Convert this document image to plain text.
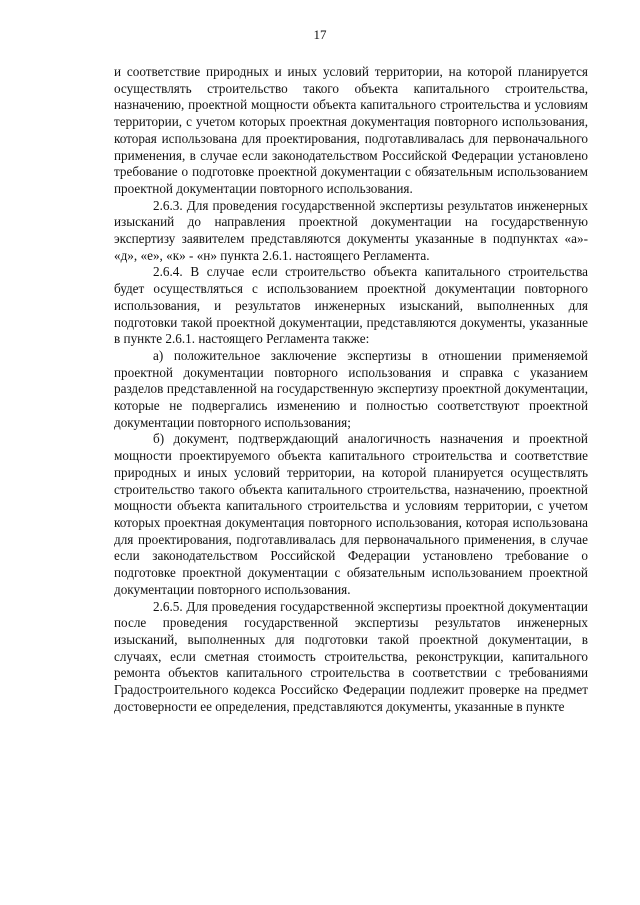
17

и соответствие природных и иных условий территории, на которой планируется осуществлять строительство такого объекта капитального строительства, назначению, проектной мощности объекта капитального строительства и условиям территории, с учетом которых проектная документация повторного использования, которая использована для проектирования, подготавливалась для первоначального применения, в случае если законодательством Российской Федерации установлено требование о подготовке проектной документации с обязательным использованием проектной документации повторного использования.

2.6.3. Для проведения государственной экспертизы результатов инженерных изысканий до направления проектной документации на государственную экспертизу заявителем представляются документы указанные в подпунктах «а»- «д», «е», «к» - «н» пункта 2.6.1. настоящего Регламента.

2.6.4. В случае если строительство объекта капитального строительства будет осуществляться с использованием проектной документации повторного использования, и результатов инженерных изысканий, выполненных для подготовки такой проектной документации, представляются документы, указанные в пункте 2.6.1. настоящего Регламента также:

а) положительное заключение экспертизы в отношении применяемой проектной документации повторного использования и справка с указанием разделов представленной на государственную экспертизу проектной документации, которые не подвергались изменению и полностью соответствуют проектной документации повторного использования;

б) документ, подтверждающий аналогичность назначения и проектной мощности проектируемого объекта капитального строительства и соответствие природных и иных условий территории, на которой планируется осуществлять строительство такого объекта капитального строительства, назначению, проектной мощности объекта капитального строительства и условиям территории, с учетом которых проектная документация повторного использования, которая использована для проектирования, подготавливалась для первоначального применения, в случае если законодательством Российской Федерации установлено требование о подготовке проектной документации с обязательным использованием проектной документации повторного использования.

2.6.5. Для проведения государственной экспертизы проектной документации после проведения государственной экспертизы результатов инженерных изысканий, выполненных для подготовки такой проектной документации, в случаях, если сметная стоимость строительства, реконструкции, капитального ремонта объектов капитального строительства в соответствии с требованиями Градостроительного кодекса Российско Федерации подлежит проверке на предмет достоверности ее определения, представляются документы, указанные в пункте
